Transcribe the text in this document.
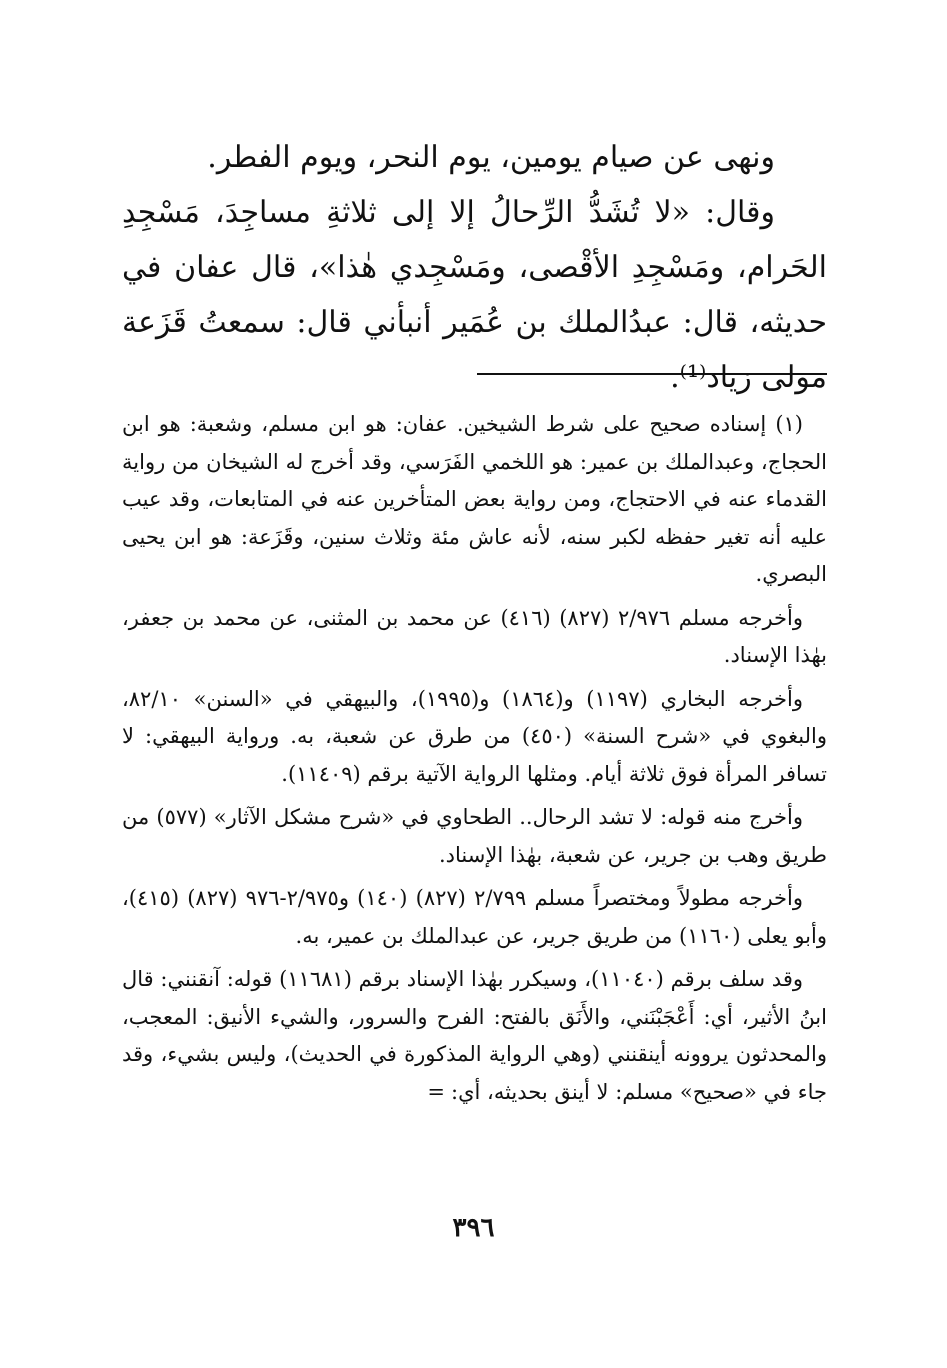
ونهى عن صيام يومين، يوم النحر، ويوم الفطر.

وقال: «لا تُشَدُّ الرِّحالُ إلا إلى ثلاثةِ مساجِدَ، مَسْجِدِ الحَرام، ومَسْجِدِ الأقْصى، ومَسْجِدي هٰذا»، قال عفان في حديثه، قال: عبدُالملك بن عُمَير أنبأني قال: سمعتُ قَزَعة مولى زياد⁽¹⁾.

(١) إسناده صحيح على شرط الشيخين. عفان: هو ابن مسلم، وشعبة: هو ابن الحجاج، وعبدالملك بن عمير: هو اللخمي الفَرَسي، وقد أخرج له الشيخان من رواية القدماء عنه في الاحتجاج، ومن رواية بعض المتأخرين عنه في المتابعات، وقد عيب عليه أنه تغير حفظه لكبر سنه، لأنه عاش مئة وثلاث سنين، وقَزَعة: هو ابن يحيى البصري.

وأخرجه مسلم ٢/٩٧٦ (٨٢٧) (٤١٦) عن محمد بن المثنى، عن محمد بن جعفر، بهٰذا الإسناد.

وأخرجه البخاري (١١٩٧) و(١٨٦٤) و(١٩٩٥)، والبيهقي في «السنن» ٨٢/١٠، والبغوي في «شرح السنة» (٤٥٠) من طرق عن شعبة، به. ورواية البيهقي: لا تسافر المرأة فوق ثلاثة أيام. ومثلها الرواية الآتية برقم (١١٤٠٩).

وأخرج منه قوله: لا تشد الرحال.. الطحاوي في «شرح مشكل الآثار» (٥٧٧) من طريق وهب بن جرير، عن شعبة، بهٰذا الإسناد.

وأخرجه مطولاً ومختصراً مسلم ٢/٧٩٩ (٨٢٧) (١٤٠) و٢/٩٧٥-٩٧٦ (٨٢٧) (٤١٥)، وأبو يعلى (١١٦٠) من طريق جرير، عن عبدالملك بن عمير، به.

وقد سلف برقم (١١٠٤٠)، وسيكرر بهٰذا الإسناد برقم (١١٦٨١) قوله: آنقنني: قال ابنُ الأثير، أي: أَعْجَبْنَني، والأَنَق بالفتح: الفرح والسرور، والشيء الأنيق: المعجب، والمحدثون يروونه أينقنني (وهي الرواية المذكورة في الحديث)، وليس بشيء، وقد جاء في «صحيح» مسلم: لا أينق بحديثه، أي:=

٣٩٦
